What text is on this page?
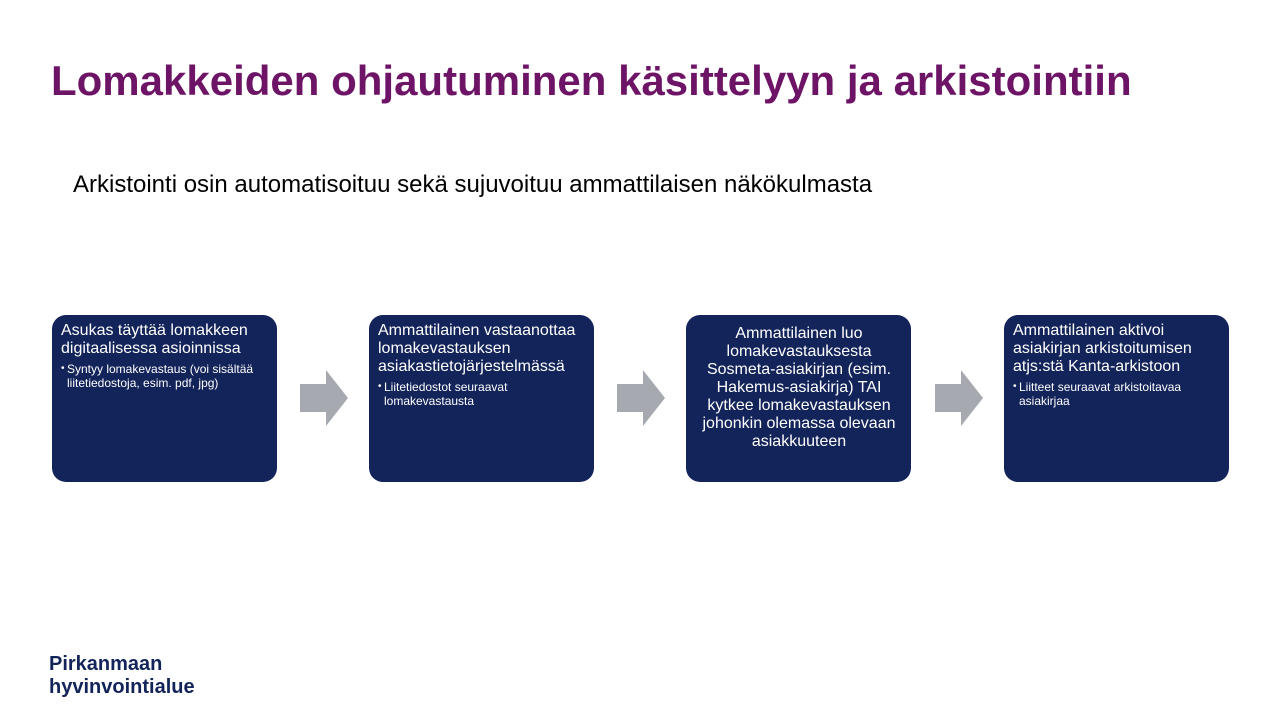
Lomakkeiden ohjautuminen käsittelyyn ja arkistointiin

Arkistointi osin automatisoituu sekä sujuvoituu ammattilaisen näkökulmasta

Asukas täyttää lomakkeen digitaalisessa asioinnissa

• Syntyy lomakevastaus (voi sisältää liitetiedostoja, esim. pdf, jpg)

Ammattilainen vastaanottaa lomakevastauksen asiakastietojärjestelmässä

• Liitetiedostot seuraavat lomakevastausta

Ammattilainen luo lomakevastauksesta Sosmeta-asiakirjan (esim. Hakemus-asiakirja) TAI kytkee lomakevastauksen johonkin olemassa olevaan asiakkuuteen

Ammattilainen aktivoi asiakirjan arkistoitumisen atjs:stä Kanta-arkistoon

• Liitteet seuraavat arkistoitavaa asiakirjaa
Pirkanmaan
hyvinvointialue
